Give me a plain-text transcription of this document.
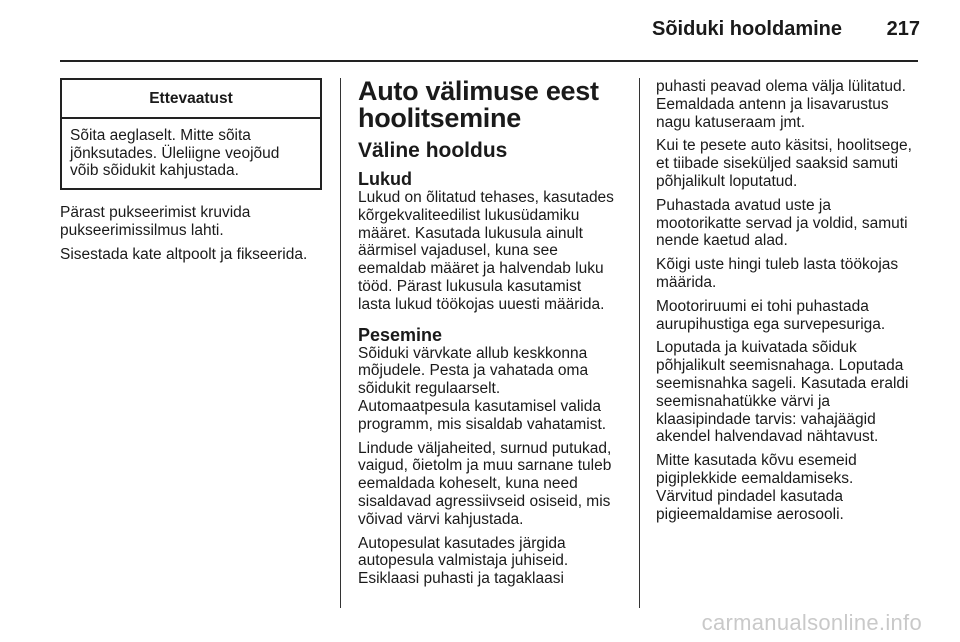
Sõiduki hooldamine 217
Ettevaatust
Sõita aeglaselt. Mitte sõita
jõnksutades. Üleliigne veojõud
võib sõidukit kahjustada.

Pärast pukseerimist kruvida
pukseerimissilmus lahti.

Sisestada kate altpoolt ja fikseerida.

Auto välimuse eest
hoolitsemine
Väline hooldus
Lukud

Lukud on õlitatud tehases, kasutades
kõrgekvaliteedilist lukusüdamiku
määret. Kasutada lukusula ainult
äärmisel vajadusel, kuna see
eemaldab määret ja halvendab luku
tööd. Pärast lukusula kasutamist
lasta lukud töökojas uuesti määrida.

Pesemine

Sõiduki värvkate allub keskkonna
mõjudele. Pesta ja vahatada oma
sõidukit regulaarselt.
Automaatpesula kasutamisel valida
programm, mis sisaldab vahatamist.

Lindude väljaheited, surnud putukad,
vaigud, õietolm ja muu sarnane tuleb
eemaldada koheselt, kuna need
sisaldavad agressiivseid osiseid, mis
võivad värvi kahjustada.

Autopesulat kasutades järgida
autopesula valmistaja juhiseid.
Esiklaasi puhasti ja tagaklaasi

puhasti peavad olema välja lülitatud.
Eemaldada antenn ja lisavarustus
nagu katuseraam jmt.

Kui te pesete auto käsitsi, hoolitsege,
et tiibade siseküljed saaksid samuti
põhjalikult loputatud.

Puhastada avatud uste ja
mootorikatte servad ja voldid, samuti
nende kaetud alad.

Kõigi uste hingi tuleb lasta töökojas
määrida.

Mootoriruumi ei tohi puhastada
aurupihustiga ega survepesuriga.

Loputada ja kuivatada sõiduk
põhjalikult seemisnahaga. Loputada
seemisnahka sageli. Kasutada eraldi
seemisnahatükke värvi ja
klaasipindade tarvis: vahajäägid
akendel halvendavad nähtavust.

Mitte kasutada kõvu esemeid
pigiplekkide eemaldamiseks.
Värvitud pindadel kasutada
pigieemaldamise aerosooli.

carmanualsonline.info
